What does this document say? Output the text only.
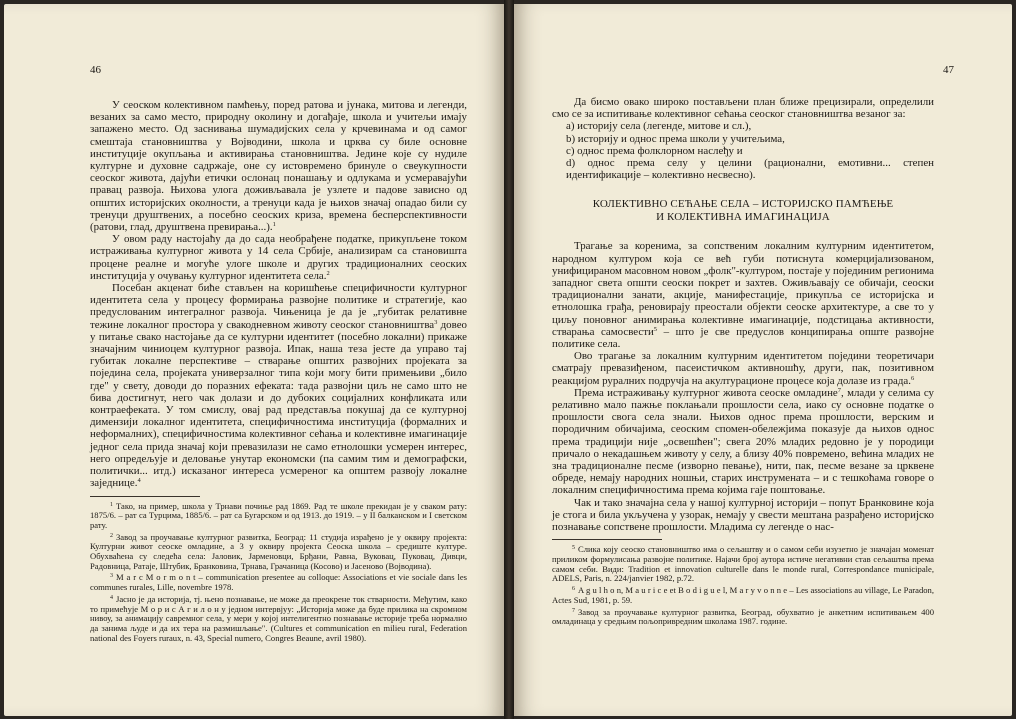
46

У сеоском колективном памћењу, поред ратова и јунака, митова и легенди, везаних за само место, природну околину и догађаје, школа и учитељи имају запажено место. Од заснивања шумадијских села у крчевинама и од самог смештаја становништва у Војводини, школа и црква су биле основне институције окупљања и активирања становништва. Једине које су нудиле културне и духовне садржаје, оне су истовремено бринуле о свеукупности сеоског живота, дајући етички ослонац понашању и одлукама и усмеравајући правац развоја. Њихова улога доживљавала је узлете и падове зависно од општих историјских околности, а тренуци када је њихов значај опадао били су тренуци друштвених, а посебно сеоских криза, времена бесперспективности (ратови, глад, друштвена превирања...).$^1$

У овом раду настојаћу да до сада необрађене податке, прикупљене током истраживања културног живота у 14 села Србије, анализирам са становишта процене реалне и могуће улоге школе и других традиционалних сеоских институција у очувању културног идентитета села.$^2$

Посебан акценат биће стављен на коришћење специфичности културног идентитета села у процесу формирања развојне политике и стратегије, као предуслованим интегралног развоја. Чињеница је да је „губитак релативне тежине локалног простора у свакодневном животу сеоског становништва$^3$ довео у питање свако настојање да се културни идентитет (посебно локални) прикаже значајним чиниоцем културног развоја. Ипак, наша теза јесте да управо тај губитак локалне перспективе – стварање општих развојних пројеката за поједина села, пројеката универзалног типа који могу бити примењиви „било где" у свету, доводи до поразних ефеката: тада развојни циљ не само што не бива достигнут, него чак долази и до дубоких социјалних конфликата или контраефеката. У том смислу, овај рад представља покушај да се културној димензији локалног идентитета, специфичностима институција (формалних и неформалних), специфичностима колективног сећања и колективне имагинације једног села прида значај који превазилази не само етнолошки усмерен интерес, него опредељује и деловање унутар економски (па самим тим и демографски, политички... итд.) исказаног интереса усмереног ка општем развоју локалне заједнице.$^4$

$^1$ Тако, на пример, школа у Трнави почиње рад 1869. Рад те школе прекидан је у сваком рату: 1875/6. – рат са Турцима, 1885/6. – рат са Бугарском и од 1913. до 1919. – у II балканском и I светском рату.

$^2$ Завод за проучавање културног развитка, Београд: 11 студија израђено је у оквиру пројекта: Културни живот сеоске омладине, а 3 у оквиру пројекта Сеоска школа – средиште културе. Обухваћена су следећа села: Јаловик, Јарменовци, Брђани, Равна, Вуковац, Пуковац, Дивци, Радовница, Ратаје, Штубик, Бранковина, Трнава, Грачаница (Косово) и Јасеново (Војводина).

$^3$ M a r c M o r m o n t – communication presentee au colloque: Associations et vie sociale dans les communes rurales, Lille, novembre 1978.

$^4$ Јасно је да историја, тј. њено познавање, не може да преокрене ток стварности. Међутим, како то примећује М о р и с А г и л о н у једном интервјуу: „Историја може да буде прилика на скромном нивоу, за анимацију савремног села, у мери у којој интелигентно познавање историје треба нормално да занима људе и да их тера на размишљање". (Cultures et communication en milieu rural, Federation national des Foyers ruraux, n. 43, Special numero, Congres Beaune, avril 1980).

47

Да бисмо овако широко постављени план ближе прецизирали, определили смо се за испитивање колективног сећања сеоског становништва везаног за:

а) историју села (легенде, митове и сл.),
b) историју и однос према школи у учитељима,
c) однос према фолклорном наслеђу и
d) однос према селу у целини (рационални, емотивни... степен идентификације – колективно несвесно).
КОЛЕКТИВНО СЕЋАЊЕ СЕЛА – ИСТОРИЈСКО ПАМЋЕЊЕ
И КОЛЕКТИВНА ИМАГИНАЦИЈА

Трагање за коренима, за сопственим локалним културним идентитетом, народном културом која се већ губи потиснута комерцијализованом, унифицираном масовном новом „фолк"-културом, постаје у појединим регионима западног света општи сеоски покрет и захтев. Оживљавају се обичаји, сеоски традиционални занати, акције, манифестације, прикупља се историјска и етнолошка грађа, реновирају преостали објекти сеоске архитектуре, а све то у циљу поновног анимирања колективне имагинације, подстицања активности, стварања самосвести$^5$ – што је све предуслов конципирања опште развојне политике села.

Ово трагање за локалним културним идентитетом поједини теоретичари сматрају превазиђеном, пасеистичком активношћу, други, пак, позитивном реакцијом руралних подручја на акултурационе процесе која долазе из града.$^6$

Према истраживању културног живота сеоске омладине$^7$, млади у селима су релативно мало пажње поклањали прошлости села, иако су основне податке о прошлости свога села знали. Њихов однос према прошлости, верским и породичним обичајима, сеоским спомен-обележјима показује да њихов однос према традицији није „освешћен"; свега 20% младих редовно је у породици причало о некадашњем животу у селу, а близу 40% повремено, већина младих не зна традиционалне песме (изворно певање), нити, пак, песме везане за црквене обреде, немају народних ношњи, старих инструмената – и с тешкоћама говоре о локалним специфичностима према којима гаје поштовање.

Чак и тако значајна села у нашој културној историји – попут Бранковине која је стога и била укључена у узорак, немају у свести мештана разрађено историјско познавање сопствене прошлости. Младима су легенде о нас-

$^5$ Слика коју сеоско становништво има о сељаштву и о самом себи изузетно је значајан моменат приликом формулисања развојне политике. Најачи број аутора истиче негативни став сељаштва према самом себи. Види: Tradition et innovation culturelle dans le monde rural, Correspondance municipale, ADELS, Paris, n. 224/janvier 1982, p.72.

$^6$ A g u l h o n, M a u r i c e et B o d i g u e l, M a r y v o n n e – Les associations au village, Le Paradon, Actes Sud, 1981, p. 59.

$^7$ Завод за проучавање културног развитка, Београд, обухватио је анкетним испитивањем 400 омладинаца у средњим пољопривредним школама 1987. године.
